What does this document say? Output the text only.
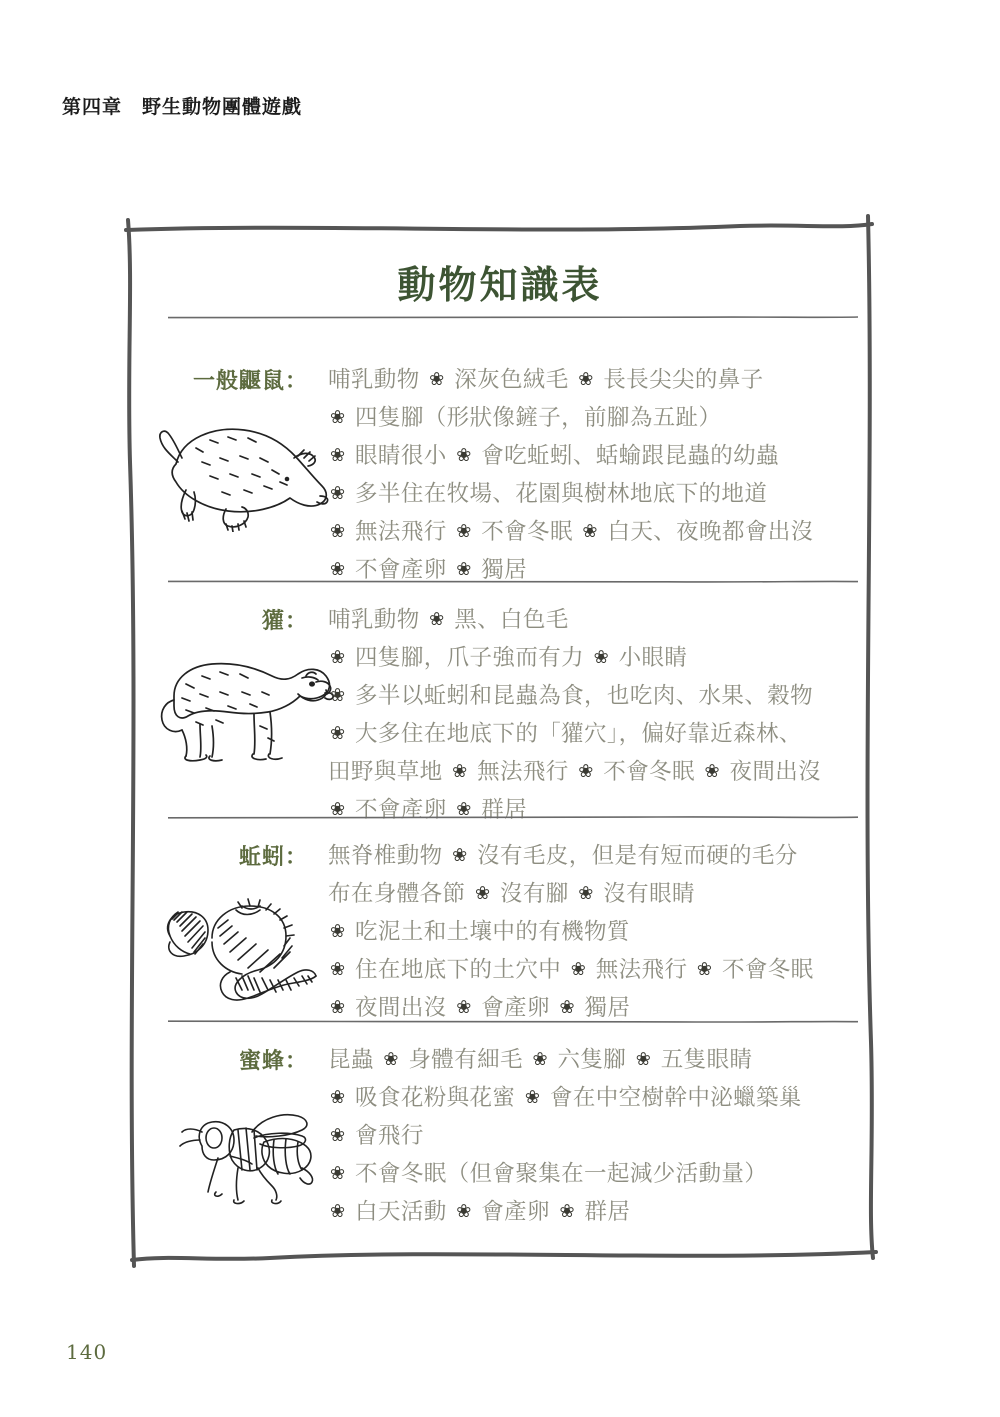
第四章　野生動物團體遊戲
動物知識表
一般鼴鼠： 哺乳動物 ❀ 深灰色絨毛 ❀ 長長尖尖的鼻子
❀ 四隻腳（形狀像鏟子，前腳為五趾）
❀ 眼睛很小 ❀ 會吃蚯蚓、蛞蝓跟昆蟲的幼蟲
❀ 多半住在牧場、花園與樹林地底下的地道
❀ 無法飛行 ❀ 不會冬眠 ❀ 白天、夜晚都會出沒
❀ 不會產卵 ❀ 獨居
獾： 哺乳動物 ❀ 黑、白色毛
❀ 四隻腳，爪子強而有力 ❀ 小眼睛
❀ 多半以蚯蚓和昆蟲為食，也吃肉、水果、穀物
❀ 大多住在地底下的「獾穴」，偏好靠近森林、
田野與草地 ❀ 無法飛行 ❀ 不會冬眠 ❀ 夜間出沒
❀ 不會產卵 ❀ 群居
蚯蚓： 無脊椎動物 ❀ 沒有毛皮，但是有短而硬的毛分
布在身體各節 ❀ 沒有腳 ❀ 沒有眼睛
❀ 吃泥土和土壤中的有機物質
❀ 住在地底下的土穴中 ❀ 無法飛行 ❀ 不會冬眠
❀ 夜間出沒 ❀ 會產卵 ❀ 獨居
蜜蜂： 昆蟲 ❀ 身體有細毛 ❀ 六隻腳 ❀ 五隻眼睛
❀ 吸食花粉與花蜜 ❀ 會在中空樹幹中泌蠟築巢
❀ 會飛行
❀ 不會冬眠（但會聚集在一起減少活動量）
❀ 白天活動 ❀ 會產卵 ❀ 群居
140
